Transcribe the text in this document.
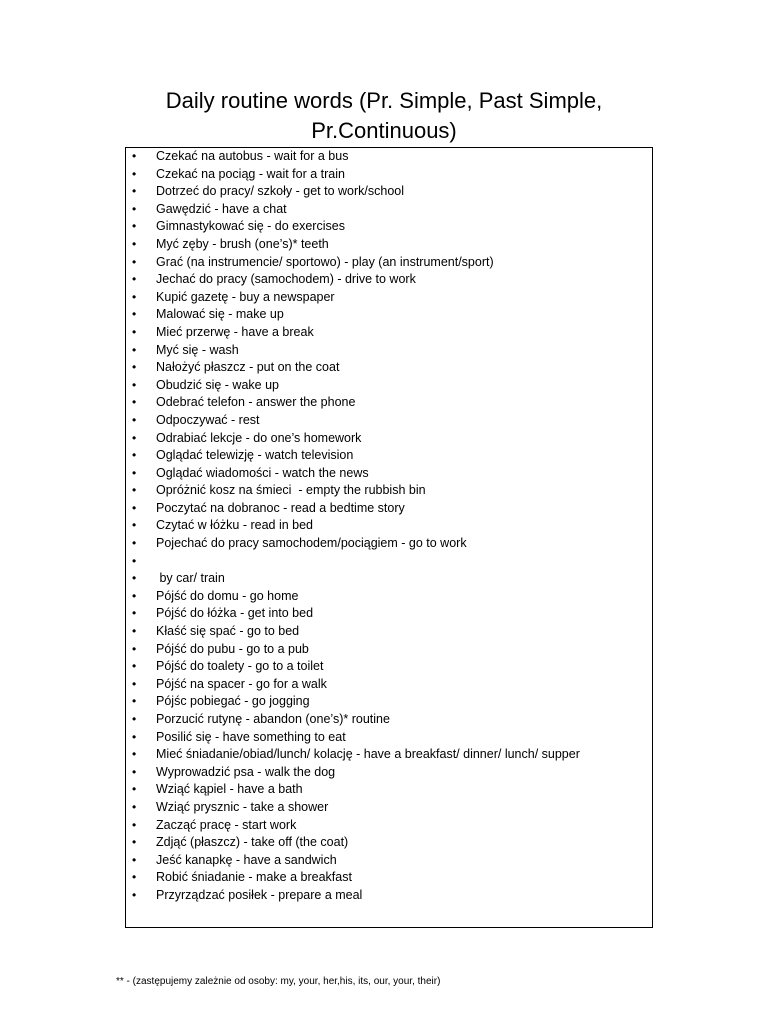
Daily routine words (Pr. Simple, Past Simple,
Pr.Continuous)
• Czekać na autobus - wait for a bus
• Czekać na pociąg - wait for a train
• Dotrzeć do pracy/ szkoły - get to work/school
• Gawędzić - have a chat
• Gimnastykować się - do exercises
• Myć zęby - brush (one’s)* teeth
• Grać (na instrumencie/ sportowo) - play (an instrument/sport)
• Jechać do pracy (samochodem) - drive to work
• Kupić gazetę - buy a newspaper
• Malować się - make up
• Mieć przerwę - have a break
• Myć się - wash
• Nałożyć płaszcz - put on the coat
• Obudzić się - wake up
• Odebrać telefon - answer the phone
• Odpoczywać - rest
• Odrabiać lekcje - do one’s homework
• Oglądać telewizję - watch television
• Oglądać wiadomości - watch the news
• Opróżnić kosz na śmieci  - empty the rubbish bin
• Poczytać na dobranoc - read a bedtime story
• Czytać w łóżku - read in bed
• Pojechać do pracy samochodem/pociągiem - go to work
•
• by car/ train
• Pójść do domu - go home
• Pójść do łóżka - get into bed
• Kłaść się spać - go to bed
• Pójść do pubu - go to a pub
• Pójść do toalety - go to a toilet
• Pójść na spacer - go for a walk
• Pójśc pobiegać - go jogging
• Porzucić rutynę - abandon (one’s)* routine
• Posilić się - have something to eat
• Mieć śniadanie/obiad/lunch/ kolację - have a breakfast/ dinner/ lunch/ supper
• Wyprowadzić psa - walk the dog
• Wziąć kąpiel - have a bath
• Wziąć prysznic - take a shower
• Zacząć pracę - start work
• Zdjąć (płaszcz) - take off (the coat)
• Jeść kanapkę - have a sandwich
• Robić śniadanie - make a breakfast
• Przyrządzać posiłek - prepare a meal
** - (zastępujemy zależnie od osoby: my, your, her,his, its, our, your, their)
